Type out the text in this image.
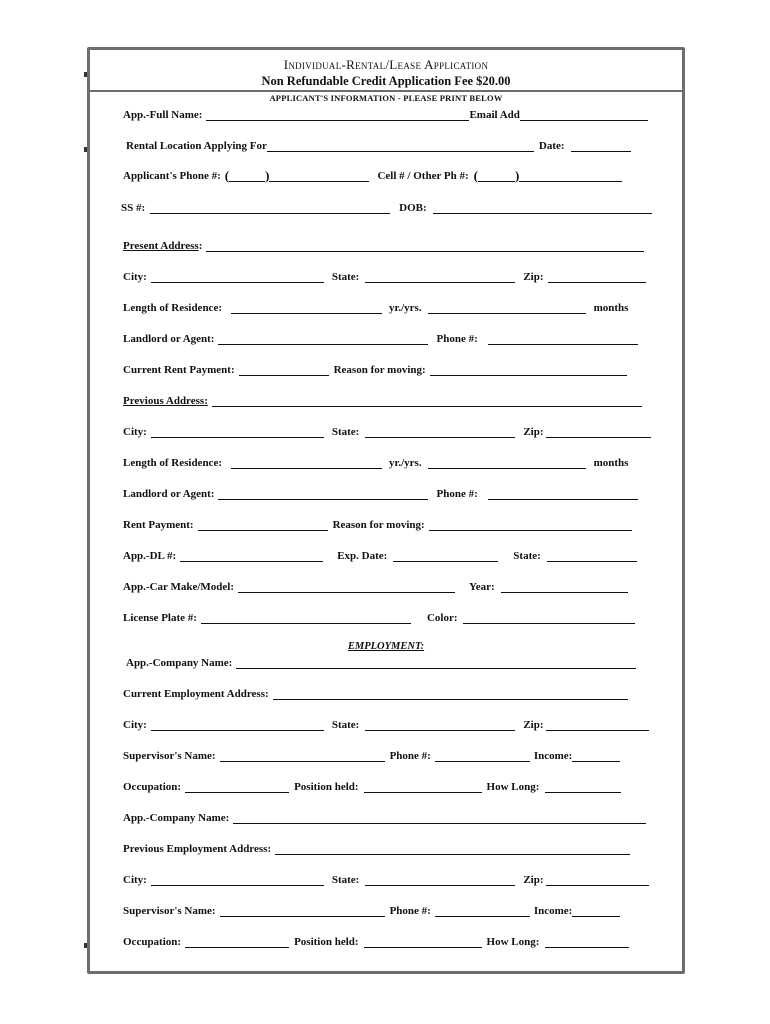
Individual-Rental/Lease Application
Non Refundable Credit Application Fee $20.00
APPLICANT'S INFORMATION - PLEASE PRINT BELOW
App.-Full Name:	Email Add
Rental Location Applying For	Date:
Applicant's Phone #: (	)	Cell # / Other Ph #: (	)
SS #:	DOB:
Present Address :
City:	State:	Zip:
Length of Residence:	yr./yrs.	months
Landlord or Agent:	Phone #:
Current Rent Payment:	Reason for moving:
Previous Address:
City:	State:	Zip:
Length of Residence:	yr./yrs.	months
Landlord or Agent:	Phone #:
Rent Payment:	Reason for moving:
App.-DL #:	Exp. Date:	State:
App.-Car Make/Model:	Year:
License Plate #:	Color:
EMPLOYMENT:
App.-Company Name:
Current Employment Address:
City:	State:	Zip:
Supervisor's Name:	Phone #:	Income:
Occupation:	Position held:	How Long:
App.-Company Name:
Previous Employment Address:
City:	State:	Zip:
Supervisor's Name:	Phone #:	Income:
Occupation:	Position held:	How Long:
